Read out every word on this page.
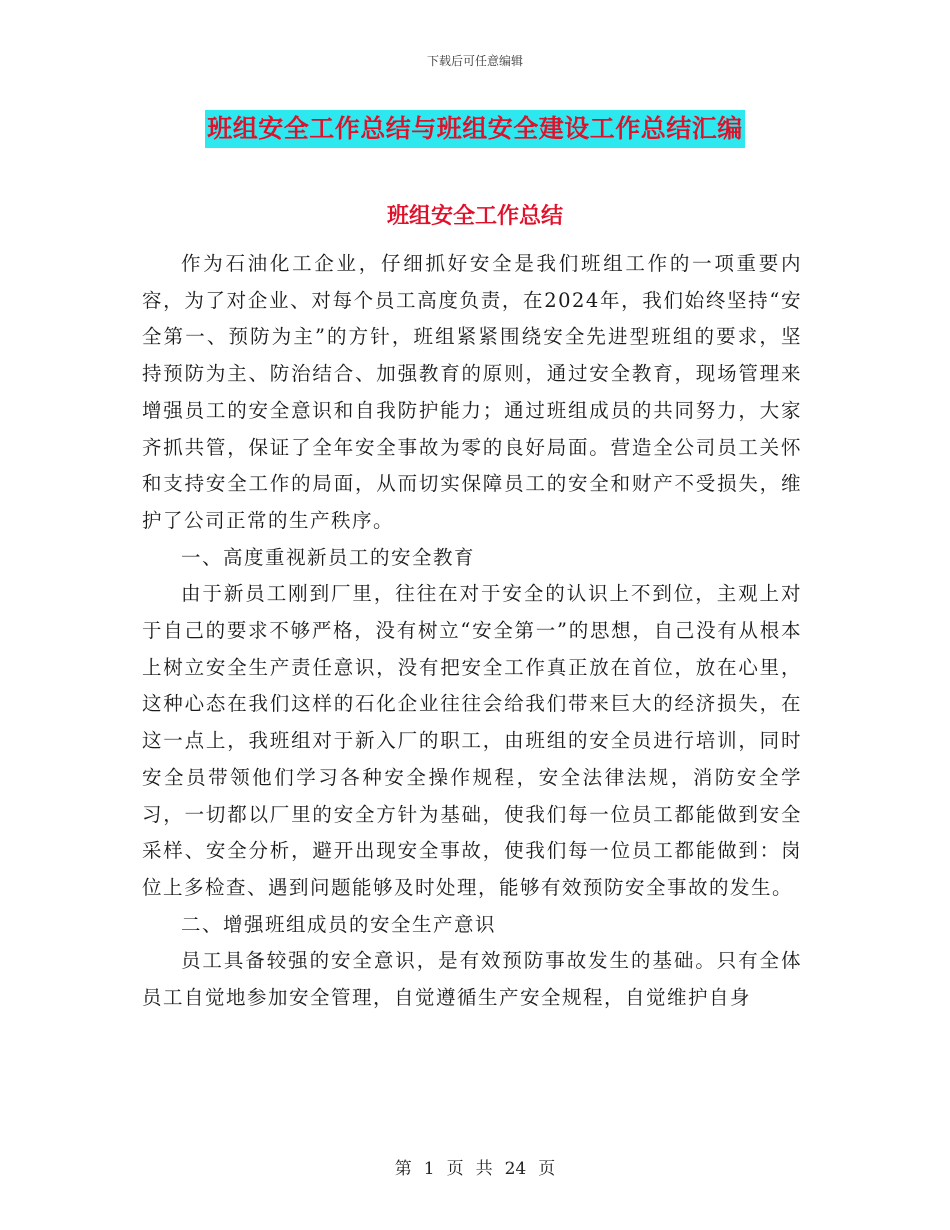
下载后可任意编辑
班组安全工作总结与班组安全建设工作总结汇编
班组安全工作总结

作为石油化工企业，仔细抓好安全是我们班组工作的一项重要内容，为了对企业、对每个员工高度负责，在2024年，我们始终坚持“安全第一、预防为主”的方针，班组紧紧围绕安全先进型班组的要求，坚持预防为主、防治结合、加强教育的原则，通过安全教育，现场管理来增强员工的安全意识和自我防护能力；通过班组成员的共同努力，大家齐抓共管，保证了全年安全事故为零的良好局面。营造全公司员工关怀和支持安全工作的局面，从而切实保障员工的安全和财产不受损失，维护了公司正常的生产秩序。

一、高度重视新员工的安全教育

由于新员工刚到厂里，往往在对于安全的认识上不到位，主观上对于自己的要求不够严格，没有树立“安全第一”的思想，自己没有从根本上树立安全生产责任意识，没有把安全工作真正放在首位，放在心里，这种心态在我们这样的石化企业往往会给我们带来巨大的经济损失，在这一点上，我班组对于新入厂的职工，由班组的安全员进行培训，同时安全员带领他们学习各种安全操作规程，安全法律法规，消防安全学习，一切都以厂里的安全方针为基础，使我们每一位员工都能做到安全采样、安全分析，避开出现安全事故，使我们每一位员工都能做到：岗位上多检查、遇到问题能够及时处理，能够有效预防安全事故的发生。

二、增强班组成员的安全生产意识

员工具备较强的安全意识，是有效预防事故发生的基础。只有全体员工自觉地参加安全管理，自觉遵循生产安全规程，自觉维护自身

第 1 页 共 24 页
